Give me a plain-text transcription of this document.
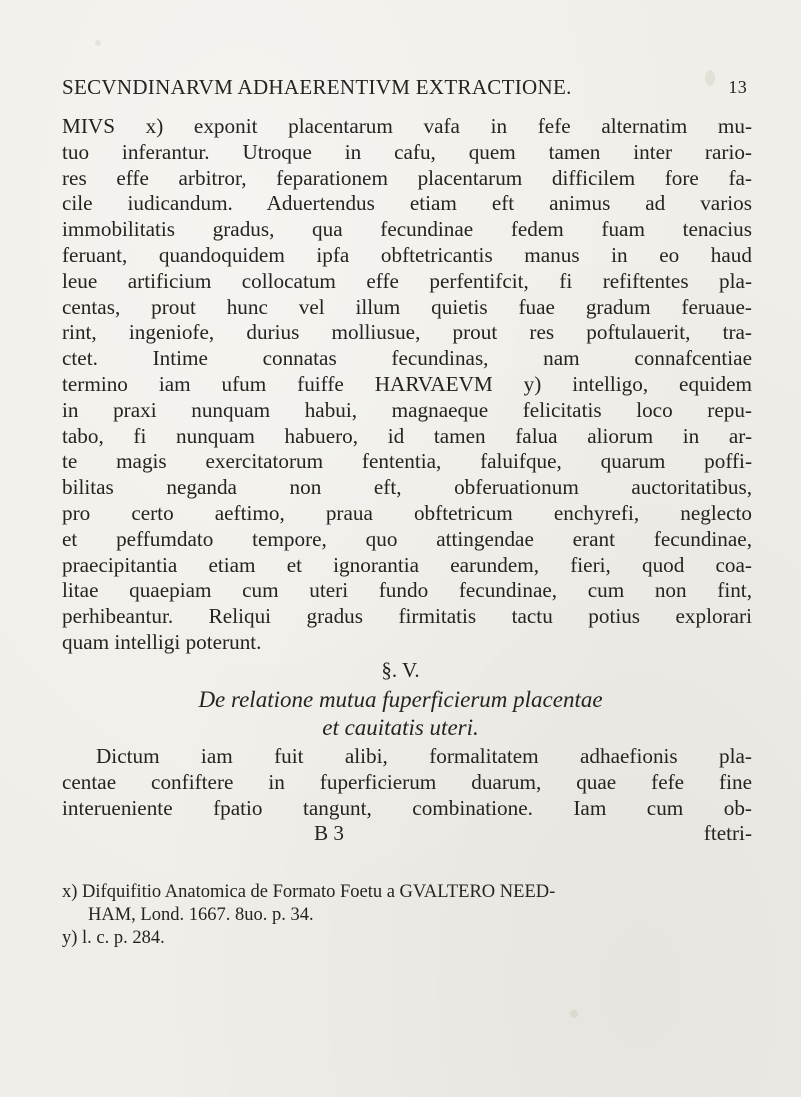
SECVNDINARVM ADHAERENTIVM EXTRACTIONE.	13
MIVS x) exponit placentarum vafa in fefe alternatim mu-
tuo inferantur. Utroque in cafu, quem tamen inter rario-
res effe arbitror, feparationem placentarum difficilem fore fa-
cile iudicandum. Aduertendus etiam eft animus ad varios
immobilitatis gradus, qua fecundinae fedem fuam tenacius
feruant, quandoquidem ipfa obftetricantis manus in eo haud
leue artificium collocatum effe perfentifcit, fi refiftentes pla-
centas, prout hunc vel illum quietis fuae gradum feruaue-
rint, ingeniofe, durius molliusue, prout res poftulauerit, tra-
ctet. Intime connatas fecundinas, nam connafcentiae
termino iam ufum fuiffe HARVAEVM y) intelligo, equidem
in praxi nunquam habui, magnaeque felicitatis loco repu-
tabo, fi nunquam habuero, id tamen falua aliorum in ar-
te magis exercitatorum fententia, faluifque, quarum poffi-
bilitas neganda non eft, obferuationum auctoritatibus,
pro certo aeftimo, praua obftetricum enchyrefi, neglecto
et peffumdato tempore, quo attingendae erant fecundinae,
praecipitantia etiam et ignorantia earundem, fieri, quod coa-
litae quaepiam cum uteri fundo fecundinae, cum non fint,
perhibeantur. Reliqui gradus firmitatis tactu potius explorari
quam intelligi poterunt.
§. V.
De relatione mutua fuperficierum placentae
et cauitatis uteri.
Dictum iam fuit alibi, formalitatem adhaefionis pla-
centae confiftere in fuperficierum duarum, quae fefe fine
interueniente fpatio tangunt, combinatione. Iam cum ob-
B 3	ftetri-
x) Difquifitio Anatomica de Formato Foetu a GVALTERO NEED-
HAM, Lond. 1667. 8uo. p. 34.
y) l. c. p. 284.
